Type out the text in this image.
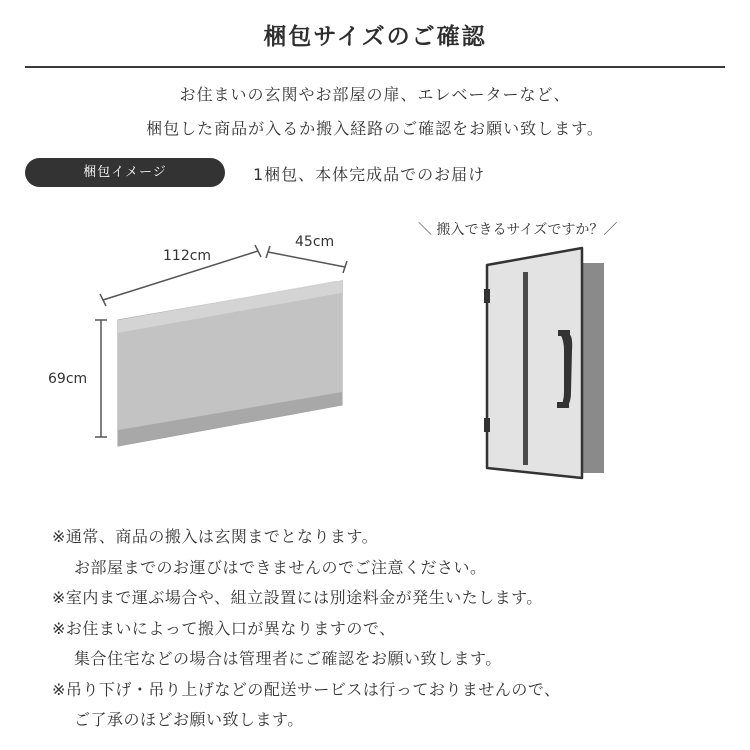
梱包サイズのご確認
お住まいの玄関やお部屋の扉、エレベーターなど、
梱包した商品が入るか搬入経路のご確認をお願い致します。
梱包イメージ	1梱包、本体完成品でのお届け
112cm
45cm
69cm
＼ 搬入できるサイズですか？／
※通常、商品の搬入は玄関までとなります。
お部屋までのお運びはできませんのでご注意ください。
※室内まで運ぶ場合や、組立設置には別途料金が発生いたします。
※お住まいによって搬入口が異なりますので、
集合住宅などの場合は管理者にご確認をお願い致します。
※吊り下げ・吊り上げなどの配送サービスは行っておりませんので、
ご了承のほどお願い致します。
